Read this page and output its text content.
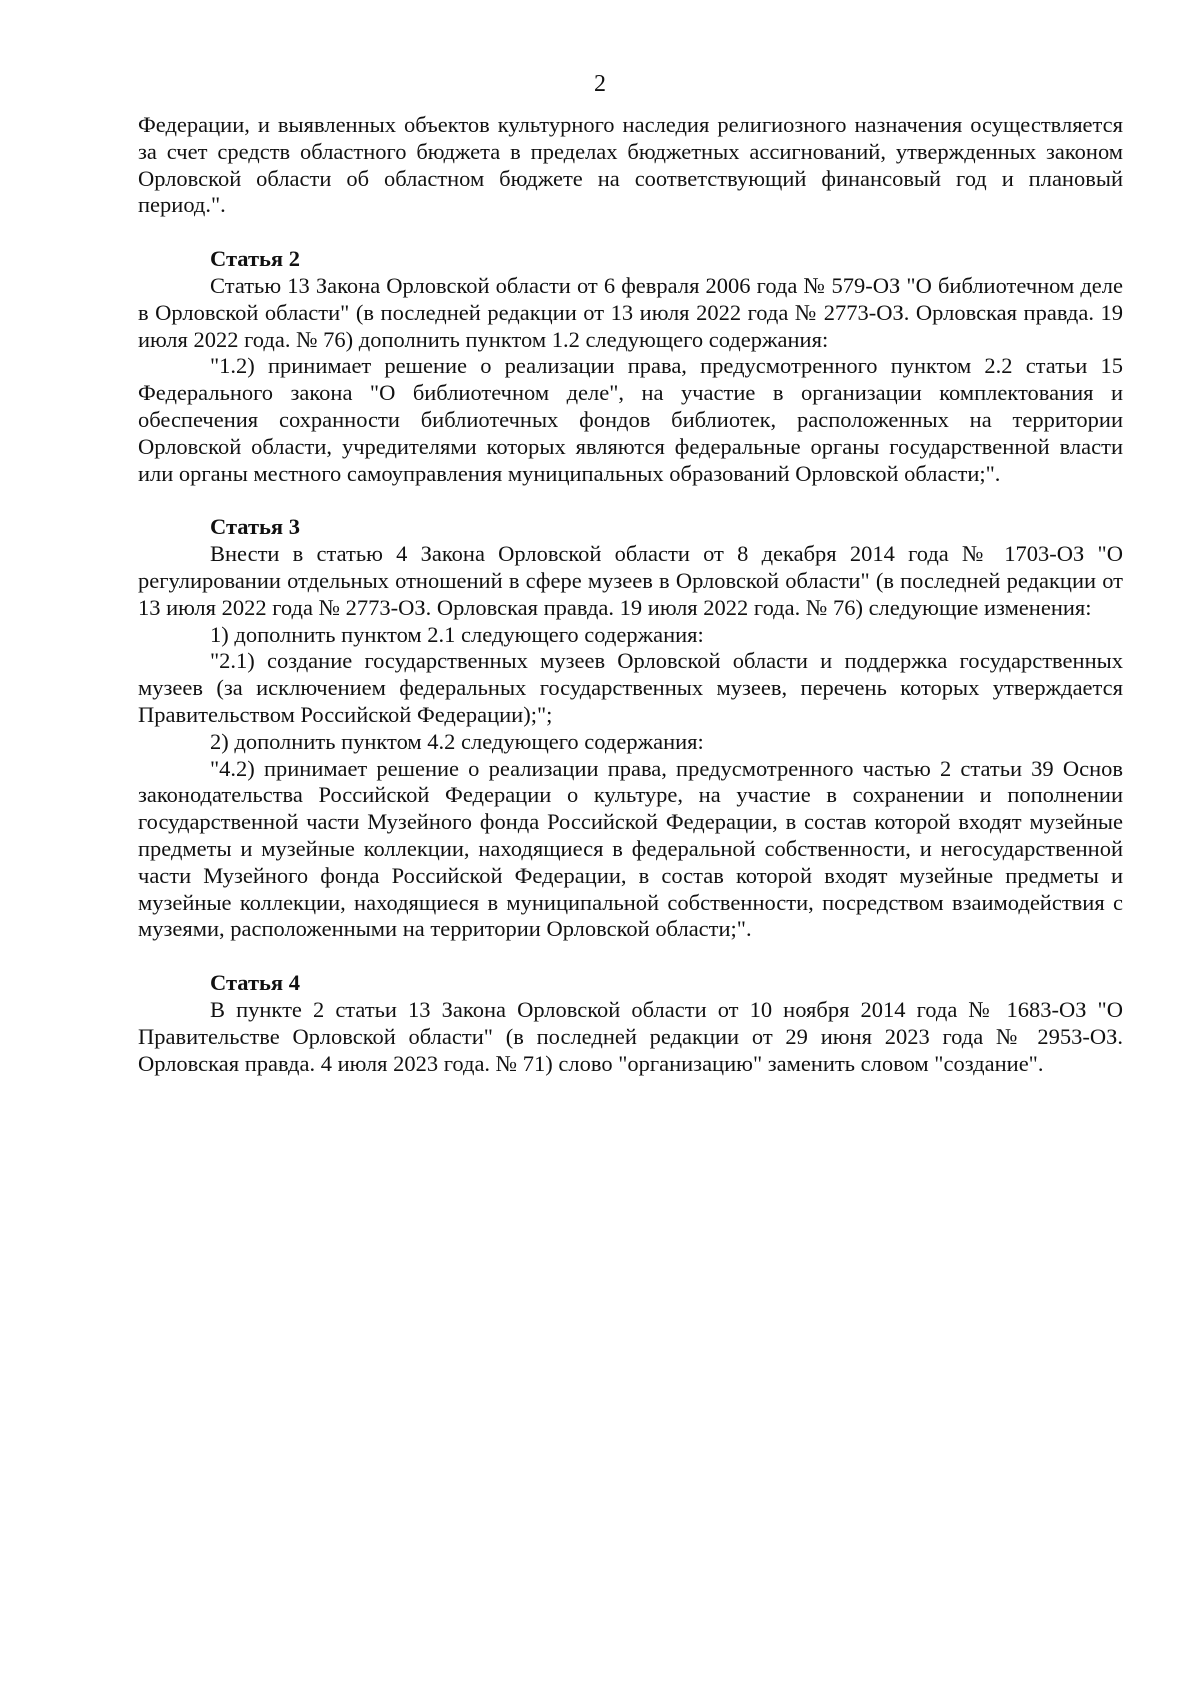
2

Федерации, и выявленных объектов культурного наследия религиозного назначения осуществляется за счет средств областного бюджета в пределах бюджетных ассигнований, утвержденных законом Орловской области об областном бюджете на соответствующий финансовый год и плановый период.".

Статья 2

Статью 13 Закона Орловской области от 6 февраля 2006 года № 579-ОЗ "О библиотечном деле в Орловской области" (в последней редакции от 13 июля 2022 года № 2773-ОЗ. Орловская правда. 19 июля 2022 года. № 76) дополнить пунктом 1.2 следующего содержания:

"1.2) принимает решение о реализации права, предусмотренного пунктом 2.2 статьи 15 Федерального закона "О библиотечном деле", на участие в организации комплектования и обеспечения сохранности библиотечных фондов библиотек, расположенных на территории Орловской области, учредителями которых являются федеральные органы государственной власти или органы местного самоуправления муниципальных образований Орловской области;".

Статья 3

Внести в статью 4 Закона Орловской области от 8 декабря 2014 года № 1703-ОЗ "О регулировании отдельных отношений в сфере музеев в Орловской области" (в последней редакции от 13 июля 2022 года № 2773-ОЗ. Орловская правда. 19 июля 2022 года. № 76) следующие изменения:

1) дополнить пунктом 2.1 следующего содержания:

"2.1) создание государственных музеев Орловской области и поддержка государственных музеев (за исключением федеральных государственных музеев, перечень которых утверждается Правительством Российской Федерации);";

2) дополнить пунктом 4.2 следующего содержания:

"4.2) принимает решение о реализации права, предусмотренного частью 2 статьи 39 Основ законодательства Российской Федерации о культуре, на участие в сохранении и пополнении государственной части Музейного фонда Российской Федерации, в состав которой входят музейные предметы и музейные коллекции, находящиеся в федеральной собственности, и негосударственной части Музейного фонда Российской Федерации, в состав которой входят музейные предметы и музейные коллекции, находящиеся в муниципальной собственности, посредством взаимодействия с музеями, расположенными на территории Орловской области;".

Статья 4

В пункте 2 статьи 13 Закона Орловской области от 10 ноября 2014 года № 1683-ОЗ "О Правительстве Орловской области" (в последней редакции от 29 июня 2023 года № 2953-ОЗ. Орловская правда. 4 июля 2023 года. № 71) слово "организацию" заменить словом "создание".
